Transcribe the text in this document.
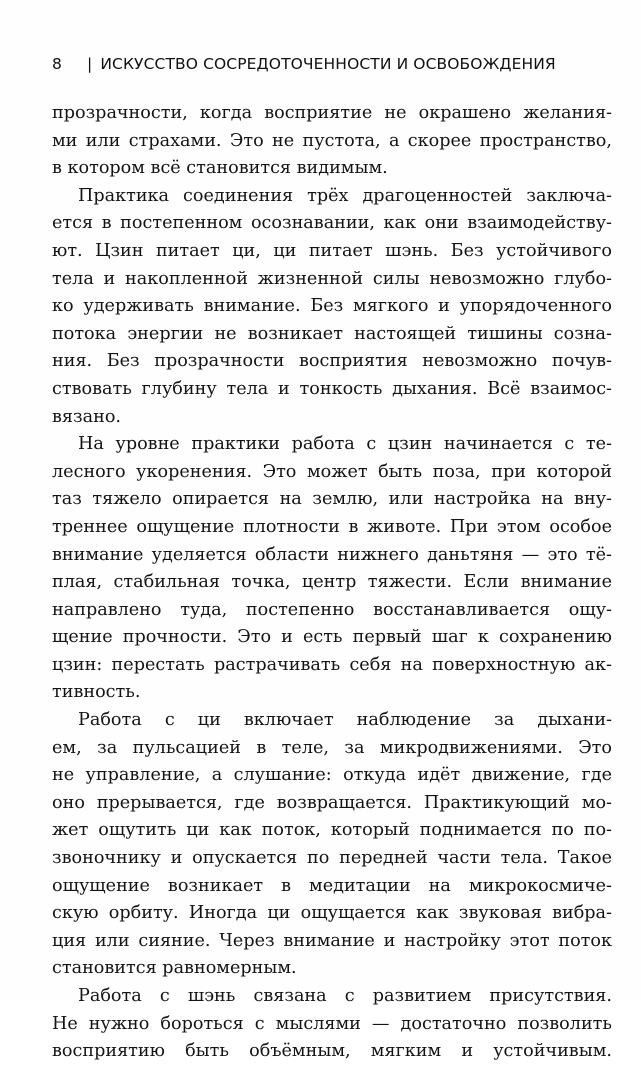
8 | ИСКУССТВО СОСРЕДОТОЧЕННОСТИ И ОСВОБОЖДЕНИЯ
прозрачности, когда восприятие не окрашено желания-
ми или страхами. Это не пустота, а скорее пространство,
в котором всё становится видимым.
Практика соединения трёх драгоценностей заключа-
ется в постепенном осознавании, как они взаимодейству-
ют. Цзин питает ци, ци питает шэнь. Без устойчивого
тела и накопленной жизненной силы невозможно глубо-
ко удерживать внимание. Без мягкого и упорядоченного
потока энергии не возникает настоящей тишины созна-
ния. Без прозрачности восприятия невозможно почув-
ствовать глубину тела и тонкость дыхания. Всё взаимос-
вязано.
На уровне практики работа с цзин начинается с те-
лесного укоренения. Это может быть поза, при которой
таз тяжело опирается на землю, или настройка на вну-
треннее ощущение плотности в животе. При этом особое
внимание уделяется области нижнего даньтяня — это тё-
плая, стабильная точка, центр тяжести. Если внимание
направлено туда, постепенно восстанавливается ощу-
щение прочности. Это и есть первый шаг к сохранению
цзин: перестать растрачивать себя на поверхностную ак-
тивность.
Работа с ци включает наблюдение за дыхани-
ем, за пульсацией в теле, за микродвижениями. Это
не управление, а слушание: откуда идёт движение, где
оно прерывается, где возвращается. Практикующий мо-
жет ощутить ци как поток, который поднимается по по-
звоночнику и опускается по передней части тела. Такое
ощущение возникает в медитации на микрокосмиче-
скую орбиту. Иногда ци ощущается как звуковая вибра-
ция или сияние. Через внимание и настройку этот поток
становится равномерным.
Работа с шэнь связана с развитием присутствия.
Не нужно бороться с мыслями — достаточно позволить
восприятию быть объёмным, мягким и устойчивым.
